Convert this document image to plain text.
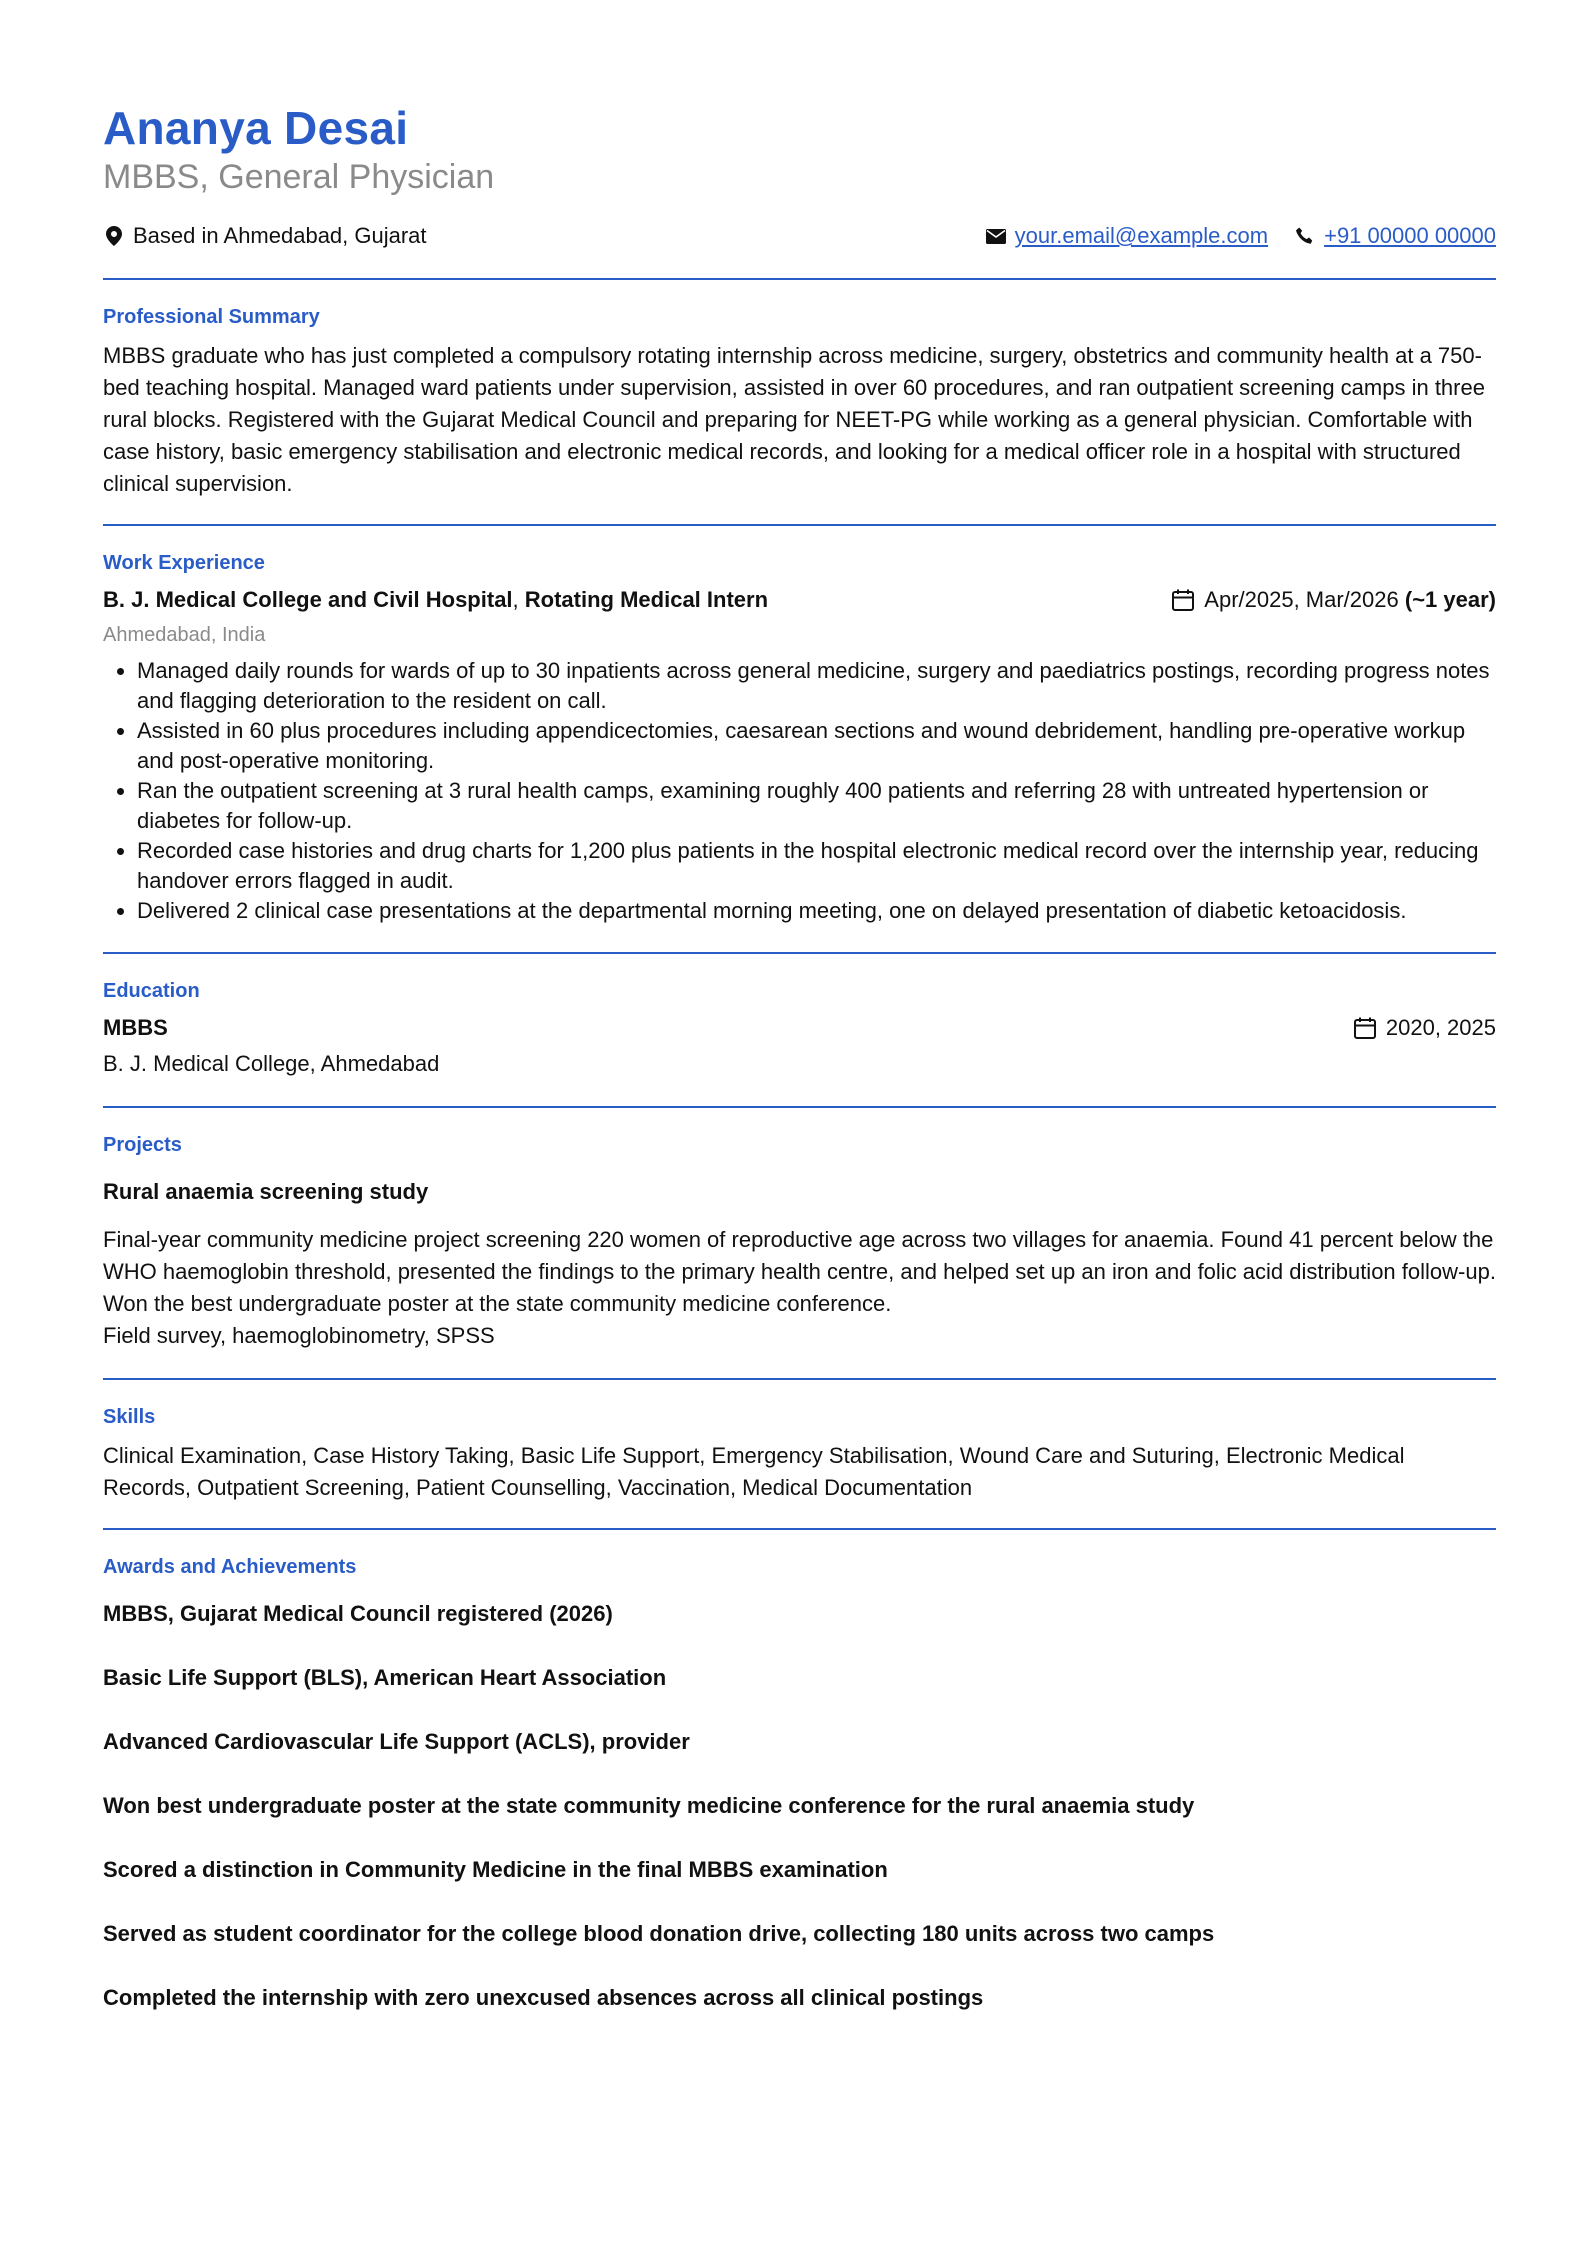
Ananya Desai
MBBS, General Physician
Based in Ahmedabad, Gujarat	your.email@example.com	+91 00000 00000
Professional Summary

MBBS graduate who has just completed a compulsory rotating internship across medicine, surgery, obstetrics and community health at a 750-bed teaching hospital. Managed ward patients under supervision, assisted in over 60 procedures, and ran outpatient screening camps in three rural blocks. Registered with the Gujarat Medical Council and preparing for NEET-PG while working as a general physician. Comfortable with case history, basic emergency stabilisation and electronic medical records, and looking for a medical officer role in a hospital with structured clinical supervision.

Work Experience
B. J. Medical College and Civil Hospital, Rotating Medical Intern	Apr/2025, Mar/2026
(~1 year)
Ahmedabad, India
• Managed daily rounds for wards of up to 30 inpatients across general medicine, surgery and paediatrics postings, recording progress notes and flagging deterioration to the resident on call.
• Assisted in 60 plus procedures including appendicectomies, caesarean sections and wound debridement, handling pre-operative workup and post-operative monitoring.
• Ran the outpatient screening at 3 rural health camps, examining roughly 400 patients and referring 28 with untreated hypertension or diabetes for follow-up.
• Recorded case histories and drug charts for 1,200 plus patients in the hospital electronic medical record over the internship year, reducing handover errors flagged in audit.
• Delivered 2 clinical case presentations at the departmental morning meeting, one on delayed presentation of diabetic ketoacidosis.
Education
MBBS	2020, 2025
B. J. Medical College, Ahmedabad
Projects
Rural anaemia screening study

Final-year community medicine project screening 220 women of reproductive age across two villages for anaemia. Found 41 percent below the WHO haemoglobin threshold, presented the findings to the primary health centre, and helped set up an iron and folic acid distribution follow-up. Won the best undergraduate poster at the state community medicine conference.

Field survey, haemoglobinometry, SPSS
Skills

Clinical Examination, Case History Taking, Basic Life Support, Emergency Stabilisation, Wound Care and Suturing, Electronic Medical Records, Outpatient Screening, Patient Counselling, Vaccination, Medical Documentation

Awards and Achievements

MBBS, Gujarat Medical Council registered (2026)

Basic Life Support (BLS), American Heart Association

Advanced Cardiovascular Life Support (ACLS), provider

Won best undergraduate poster at the state community medicine conference for the rural anaemia study

Scored a distinction in Community Medicine in the final MBBS examination

Served as student coordinator for the college blood donation drive, collecting 180 units across two camps

Completed the internship with zero unexcused absences across all clinical postings
